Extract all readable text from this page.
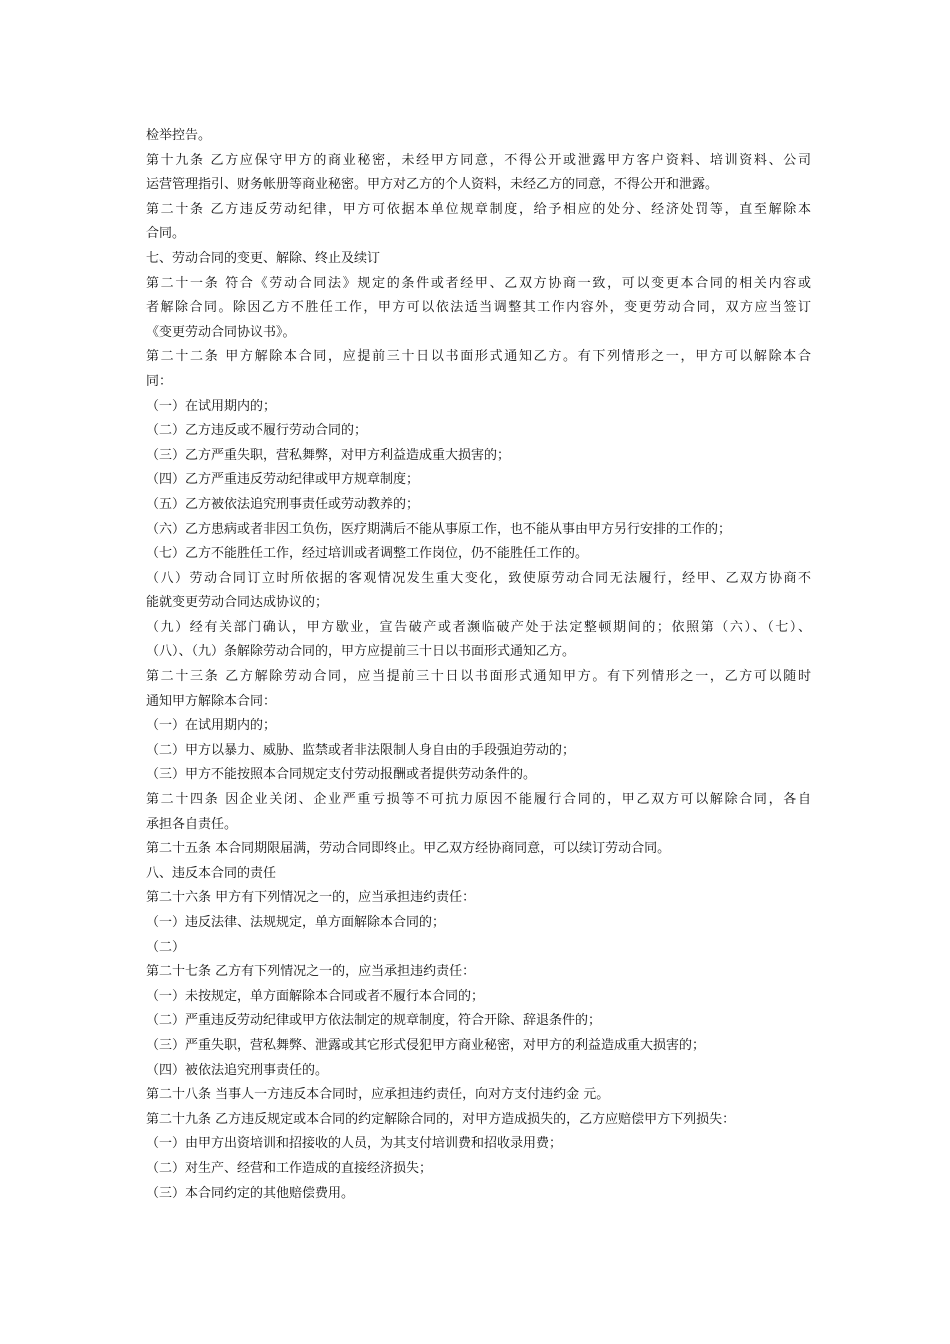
检举控告。
第十九条 乙方应保守甲方的商业秘密，未经甲方同意，不得公开或泄露甲方客户资料、培训资料、公司
运营管理指引、财务帐册等商业秘密。甲方对乙方的个人资料，未经乙方的同意，不得公开和泄露。
第二十条 乙方违反劳动纪律，甲方可依据本单位规章制度，给予相应的处分、经济处罚等，直至解除本
合同。
七、劳动合同的变更、解除、终止及续订
第二十一条 符合《劳动合同法》规定的条件或者经甲、乙双方协商一致，可以变更本合同的相关内容或
者解除合同。除因乙方不胜任工作，甲方可以依法适当调整其工作内容外，变更劳动合同，双方应当签订
《变更劳动合同协议书》。
第二十二条 甲方解除本合同，应提前三十日以书面形式通知乙方。有下列情形之一，甲方可以解除本合
同：
（一）在试用期内的；
（二）乙方违反或不履行劳动合同的；
（三）乙方严重失职，营私舞弊，对甲方利益造成重大损害的；
（四）乙方严重违反劳动纪律或甲方规章制度；
（五）乙方被依法追究刑事责任或劳动教养的；
（六）乙方患病或者非因工负伤，医疗期满后不能从事原工作，也不能从事由甲方另行安排的工作的；
（七）乙方不能胜任工作，经过培训或者调整工作岗位，仍不能胜任工作的。
（八）劳动合同订立时所依据的客观情况发生重大变化，致使原劳动合同无法履行，经甲、乙双方协商不
能就变更劳动合同达成协议的；
（九）经有关部门确认，甲方歇业，宣告破产或者濒临破产处于法定整顿期间的；依照第（六）、（七）、
（八）、（九）条解除劳动合同的，甲方应提前三十日以书面形式通知乙方。
第二十三条 乙方解除劳动合同，应当提前三十日以书面形式通知甲方。有下列情形之一，乙方可以随时
通知甲方解除本合同：
（一）在试用期内的；
（二）甲方以暴力、威胁、监禁或者非法限制人身自由的手段强迫劳动的；
（三）甲方不能按照本合同规定支付劳动报酬或者提供劳动条件的。
第二十四条 因企业关闭、企业严重亏损等不可抗力原因不能履行合同的，甲乙双方可以解除合同，各自
承担各自责任。
第二十五条 本合同期限届满，劳动合同即终止。甲乙双方经协商同意，可以续订劳动合同。
八、违反本合同的责任
第二十六条 甲方有下列情况之一的，应当承担违约责任：
（一）违反法律、法规规定，单方面解除本合同的；
（二）
第二十七条 乙方有下列情况之一的，应当承担违约责任：
（一）未按规定，单方面解除本合同或者不履行本合同的；
（二）严重违反劳动纪律或甲方依法制定的规章制度，符合开除、辞退条件的；
（三）严重失职，营私舞弊、泄露或其它形式侵犯甲方商业秘密，对甲方的利益造成重大损害的；
（四）被依法追究刑事责任的。
第二十八条 当事人一方违反本合同时，应承担违约责任，向对方支付违约金 元。
第二十九条 乙方违反规定或本合同的约定解除合同的，对甲方造成损失的，乙方应赔偿甲方下列损失：
（一）由甲方出资培训和招接收的人员，为其支付培训费和招收录用费；
（二）对生产、经营和工作造成的直接经济损失；
（三）本合同约定的其他赔偿费用。
